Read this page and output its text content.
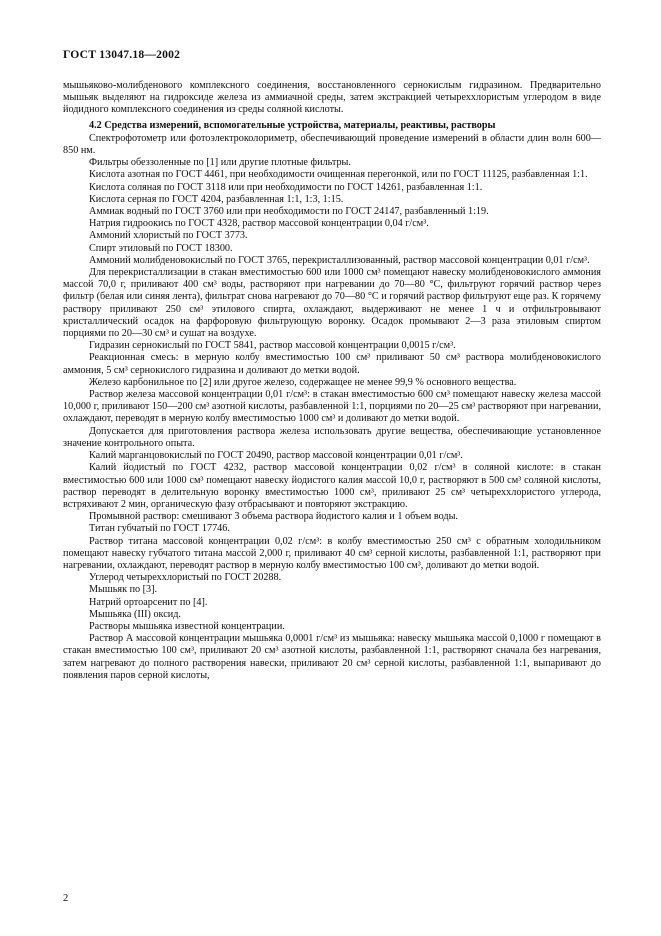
ГОСТ 13047.18—2002

мышьяково-молибденового комплексного соединения, восстановленного сернокислым гидразином. Предварительно мышьяк выделяют на гидроксиде железа из аммиачной среды, затем экстракцией четыреххлористым углеродом в виде йодидного комплексного соединения из среды соляной кислоты.

4.2 Средства измерений, вспомогательные устройства, материалы, реактивы, растворы

Спектрофотометр или фотоэлектроколориметр, обеспечивающий проведение измерений в области длин волн 600—850 нм.

Фильтры обеззоленные по [1] или другие плотные фильтры.

Кислота азотная по ГОСТ 4461, при необходимости очищенная перегонкой, или по ГОСТ 11125, разбавленная 1:1.

Кислота соляная по ГОСТ 3118 или при необходимости по ГОСТ 14261, разбавленная 1:1.

Кислота серная по ГОСТ 4204, разбавленная 1:1, 1:3, 1:15.

Аммиак водный по ГОСТ 3760 или при необходимости по ГОСТ 24147, разбавленный 1:19.

Натрия гидроокись по ГОСТ 4328, раствор массовой концентрации 0,04 г/см³.

Аммоний хлористый по ГОСТ 3773.

Спирт этиловый по ГОСТ 18300.

Аммоний молибденовокислый по ГОСТ 3765, перекристаллизованный, раствор массовой концентрации 0,01 г/см³.

Для перекристаллизации в стакан вместимостью 600 или 1000 см³ помещают навеску молибденовокислого аммония массой 70,0 г, приливают 400 см³ воды, растворяют при нагревании до 70—80 °С, фильтруют горячий раствор через фильтр (белая или синяя лента), фильтрат снова нагревают до 70—80 °С и горячий раствор фильтруют еще раз. К горячему раствору приливают 250 см³ этилового спирта, охлаждают, выдерживают не менее 1 ч и отфильтровывают кристаллический осадок на фарфоровую фильтрующую воронку. Осадок промывают 2—3 раза этиловым спиртом порциями по 20—30 см³ и сушат на воздухе.

Гидразин сернокислый по ГОСТ 5841, раствор массовой концентрации 0,0015 г/см³.

Реакционная смесь: в мерную колбу вместимостью 100 см³ приливают 50 см³ раствора молибденовокислого аммония, 5 см³ сернокислого гидразина и доливают до метки водой.

Железо карбонильное по [2] или другое железо, содержащее не менее 99,9 % основного вещества.

Раствор железа массовой концентрации 0,01 г/см³: в стакан вместимостью 600 см³ помещают навеску железа массой 10,000 г, приливают 150—200 см³ азотной кислоты, разбавленной 1:1, порциями по 20—25 см³ растворяют при нагревании, охлаждают, переводят в мерную колбу вместимостью 1000 см³ и доливают до метки водой.

Допускается для приготовления раствора железа использовать другие вещества, обеспечивающие установленное значение контрольного опыта.

Калий марганцовокислый по ГОСТ 20490, раствор массовой концентрации 0,01 г/см³.

Калий йодистый по ГОСТ 4232, раствор массовой концентрации 0,02 г/см³ в соляной кислоте: в стакан вместимостью 600 или 1000 см³ помещают навеску йодистого калия массой 10,0 г, растворяют в 500 см³ соляной кислоты, раствор переводят в делительную воронку вместимостью 1000 см³, приливают 25 см³ четыреххлористого углерода, встряхивают 2 мин, органическую фазу отбрасывают и повторяют экстракцию.

Промывной раствор: смешивают 3 объема раствора йодистого калия и 1 объем воды.

Титан губчатый по ГОСТ 17746.

Раствор титана массовой концентрации 0,02 г/см³: в колбу вместимостью 250 см³ с обратным холодильником помещают навеску губчатого титана массой 2,000 г, приливают 40 см³ серной кислоты, разбавленной 1:1, растворяют при нагревании, охлаждают, переводят раствор в мерную колбу вместимостью 100 см³, доливают до метки водой.

Углерод четыреххлористый по ГОСТ 20288.

Мышьяк по [3].

Натрий ортоарсенит по [4].

Мышьяка (III) оксид.

Растворы мышьяка известной концентрации.

Раствор А массовой концентрации мышьяка 0,0001 г/см³ из мышьяка: навеску мышьяка массой 0,1000 г помещают в стакан вместимостью 100 см³, приливают 20 см³ азотной кислоты, разбавленной 1:1, растворяют сначала без нагревания, затем нагревают до полного растворения навески, приливают 20 см³ серной кислоты, разбавленной 1:1, выпаривают до появления паров серной кислоты,

2
